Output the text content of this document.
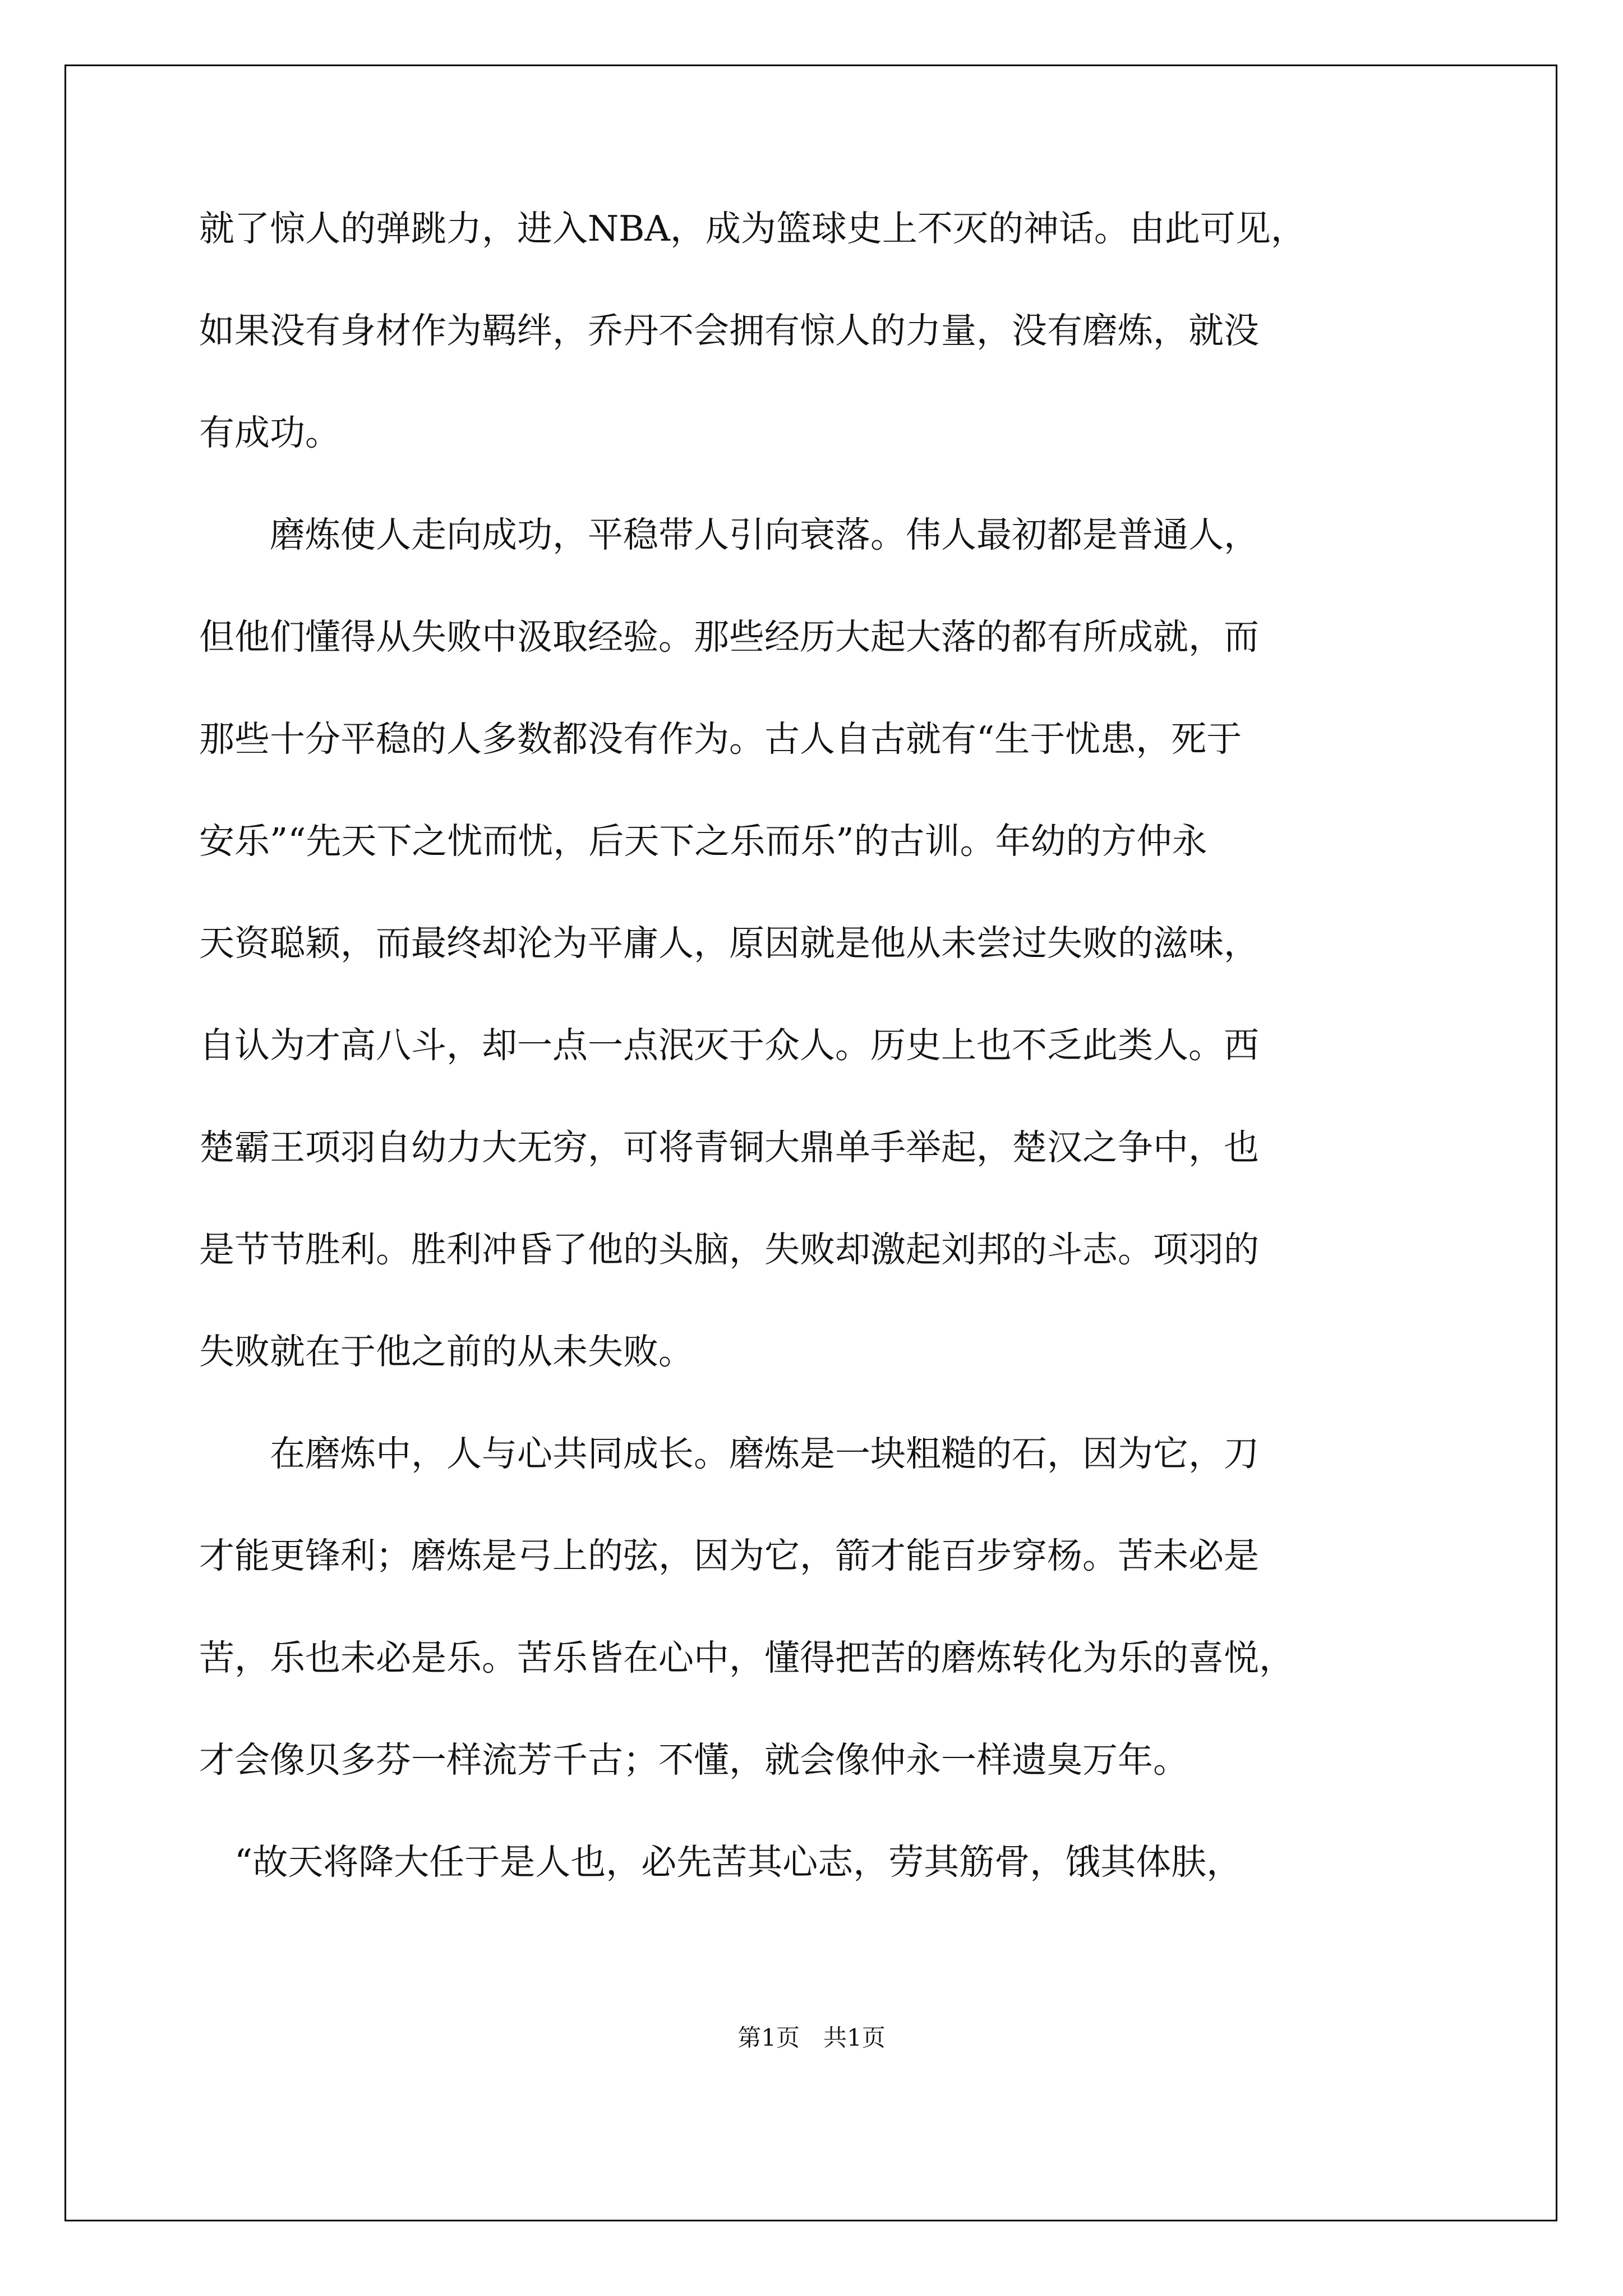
就了惊人的弹跳力，进入NBA，成为篮球史上不灭的神话。由此可见，
如果没有身材作为羁绊，乔丹不会拥有惊人的力量，没有磨炼，就没
有成功。
　　磨炼使人走向成功，平稳带人引向衰落。伟人最初都是普通人，
但他们懂得从失败中汲取经验。那些经历大起大落的都有所成就，而
那些十分平稳的人多数都没有作为。古人自古就有“生于忧患，死于
安乐”“先天下之忧而忧，后天下之乐而乐”的古训。年幼的方仲永
天资聪颖，而最终却沦为平庸人，原因就是他从未尝过失败的滋味，
自认为才高八斗，却一点一点泯灭于众人。历史上也不乏此类人。西
楚霸王项羽自幼力大无穷，可将青铜大鼎单手举起，楚汉之争中，也
是节节胜利。胜利冲昏了他的头脑，失败却激起刘邦的斗志。项羽的
失败就在于他之前的从未失败。
　　在磨炼中，人与心共同成长。磨炼是一块粗糙的石，因为它，刀
才能更锋利；磨炼是弓上的弦，因为它，箭才能百步穿杨。苦未必是
苦，乐也未必是乐。苦乐皆在心中，懂得把苦的磨炼转化为乐的喜悦，
才会像贝多芬一样流芳千古；不懂，就会像仲永一样遗臭万年。
　“故天将降大任于是人也，必先苦其心志，劳其筋骨，饿其体肤，
第1页　共1页
